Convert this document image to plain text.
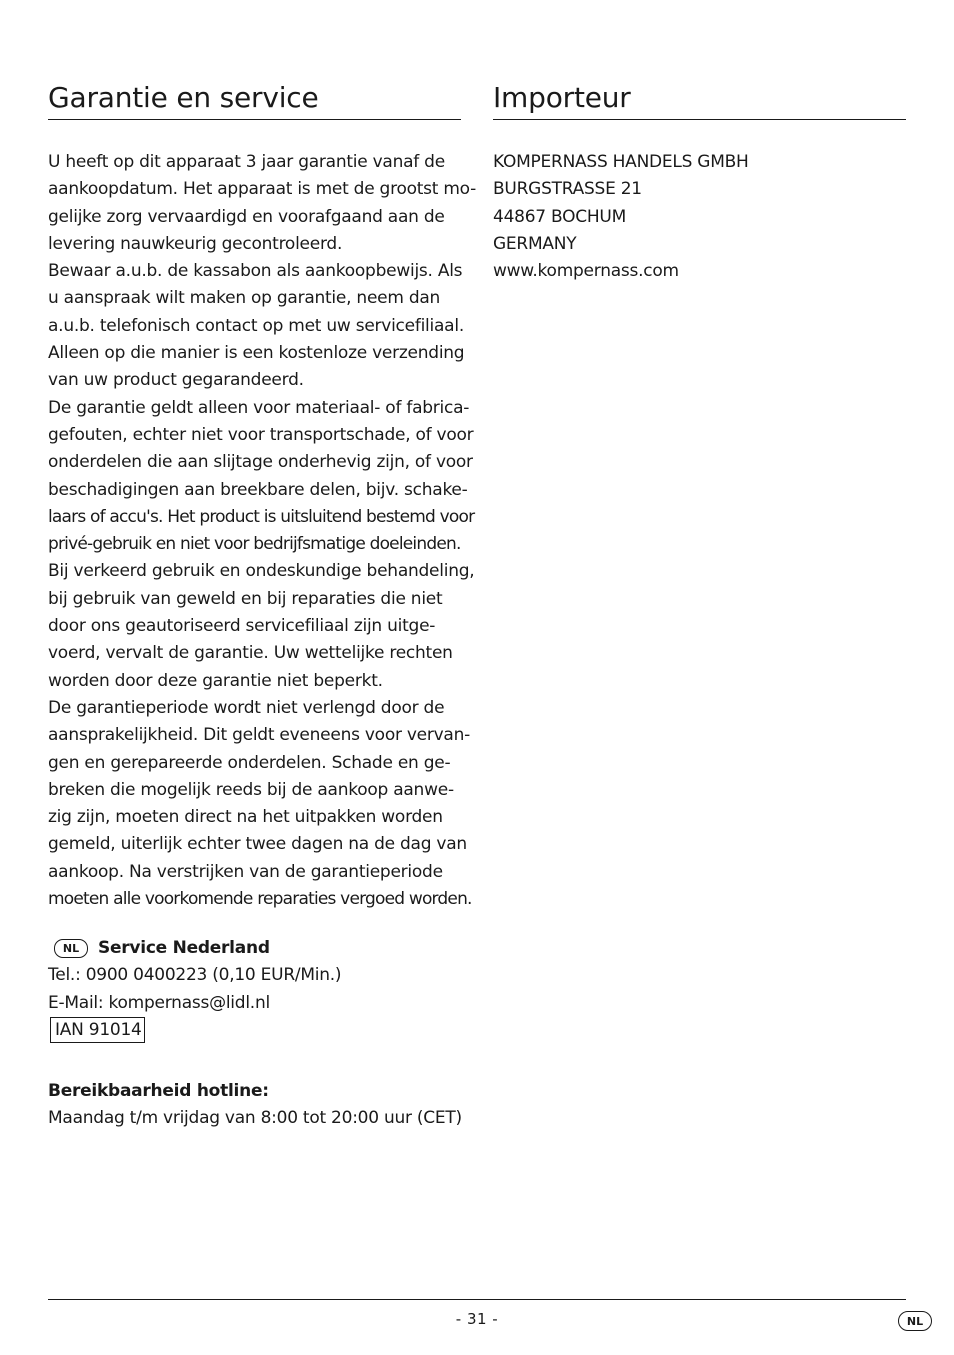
Garantie en service
U heeft op dit apparaat 3 jaar garantie vanaf de
aankoopdatum. Het apparaat is met de grootst mo-
gelijke zorg vervaardigd en voorafgaand aan de
levering nauwkeurig gecontroleerd.
Bewaar a.u.b. de kassabon als aankoopbewijs. Als
u aanspraak wilt maken op garantie, neem dan
a.u.b. telefonisch contact op met uw servicefiliaal.
Alleen op die manier is een kostenloze verzending
van uw product gegarandeerd.
De garantie geldt alleen voor materiaal- of fabrica-
gefouten, echter niet voor transportschade, of voor
onderdelen die aan slijtage onderhevig zijn, of voor
beschadigingen aan breekbare delen, bijv. schake-
laars of accu's. Het product is uitsluitend bestemd voor
privé-gebruik en niet voor bedrijfsmatige doeleinden.
Bij verkeerd gebruik en ondeskundige behandeling,
bij gebruik van geweld en bij reparaties die niet
door ons geautoriseerd servicefiliaal zijn uitge-
voerd, vervalt de garantie. Uw wettelijke rechten
worden door deze garantie niet beperkt.
De garantieperiode wordt niet verlengd door de
aansprakelijkheid. Dit geldt eveneens voor vervan-
gen en gerepareerde onderdelen. Schade en ge-
breken die mogelijk reeds bij de aankoop aanwe-
zig zijn, moeten direct na het uitpakken worden
gemeld, uiterlijk echter twee dagen na de dag van
aankoop. Na verstrijken van de garantieperiode
moeten alle voorkomende reparaties vergoed worden.
NL	Service Nederland
Tel.: 0900 0400223 (0,10 EUR/Min.)
E-Mail: kompernass@lidl.nl
IAN 91014
Bereikbaarheid hotline:
Maandag t/m vrijdag van 8:00 tot 20:00 uur (CET)
Importeur
KOMPERNASS HANDELS GMBH
BURGSTRASSE 21
44867 BOCHUM
GERMANY
www.kompernass.com
- 31 -	NL
